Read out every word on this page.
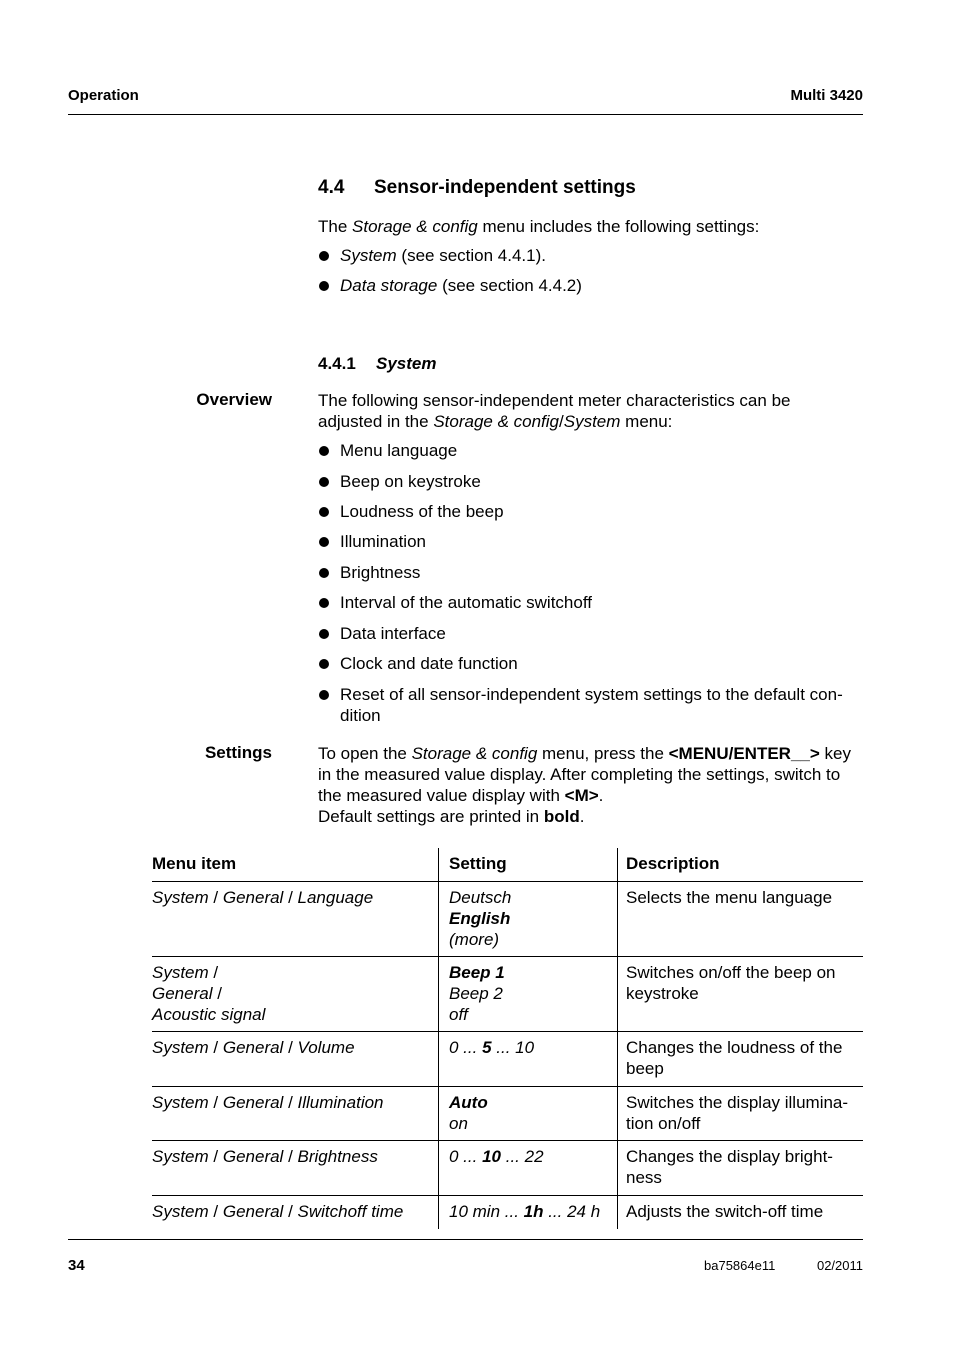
Operation	Multi 3420
4.4 Sensor-independent settings
The Storage & config menu includes the following settings:
System (see section 4.4.1).
Data storage (see section 4.4.2)
4.4.1 System
Overview	The following sensor-independent meter characteristics can be
adjusted in the Storage & config/System menu:
Menu language
Beep on keystroke
Loudness of the beep
Illumination
Brightness
Interval of the automatic switchoff
Data interface
Clock and date function
Reset of all sensor-independent system settings to the default con-
dition
Settings	To open the Storage & config menu, press the <MENU/ENTER__> key
in the measured value display. After completing the settings, switch to
the measured value display with <M>.
Default settings are printed in bold.
Menu item	Setting	Description
System / General / Language	Deutsch
English
(more)	Selects the menu language

System /
General /
Acoustic signal	Beep 1
Beep 2
off	Switches on/off the beep on
keystroke

System / General / Volume	0 ... 5 ... 10	Changes the loudness of the
beep

System / General / Illumination	Auto
on	Switches the display illumina-
tion on/off

System / General / Brightness	0 ... 10 ... 22	Changes the display bright-
ness

System / General / Switchoff time	10 min ... 1h ... 24 h	Adjusts the switch-off time
34	ba75864e11	02/2011
